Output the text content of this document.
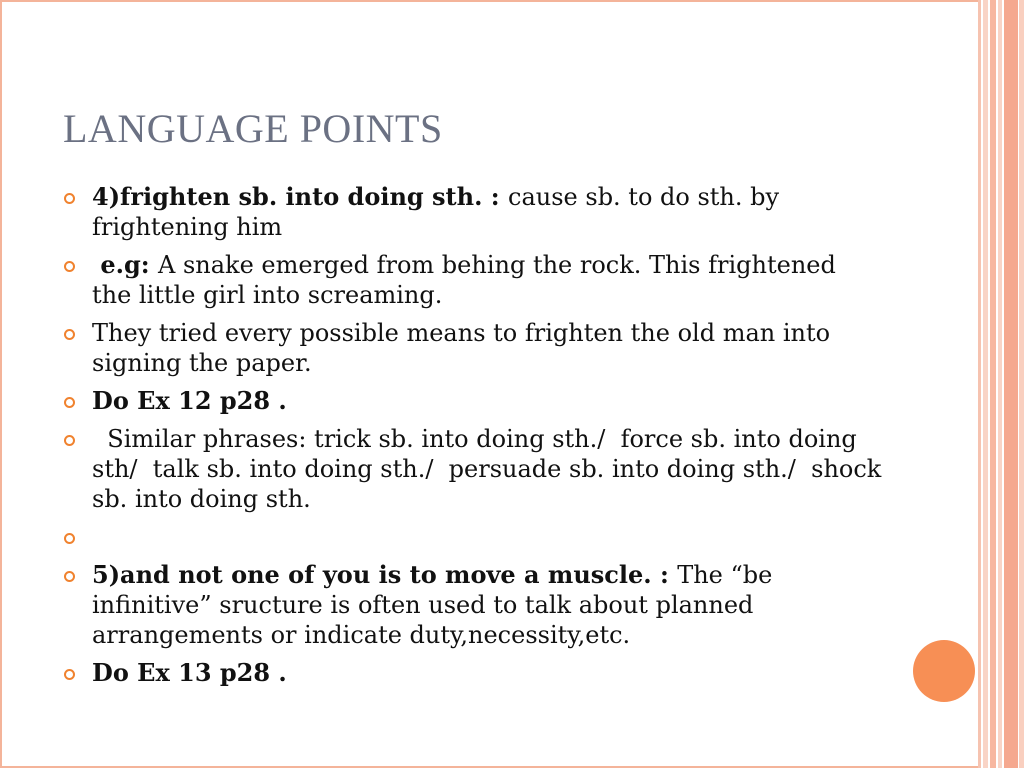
LANGUAGE POINTS
4)frighten sb. into doing sth. : cause sb. to do sth. by frightening him
e.g: A snake emerged from behing the rock. This frightened the little girl into screaming.
They tried every possible means to frighten the old man into signing the paper.
Do Ex 12 p28 .
Similar phrases: trick sb. into doing sth./  force sb. into doing sth/  talk sb. into doing sth./  persuade sb. into doing sth./  shock sb. into doing sth.
5)and not one of you is to move a muscle. : The “be infinitive” sructure is often used to talk about planned arrangements or indicate duty,necessity,etc.
Do Ex 13 p28 .
